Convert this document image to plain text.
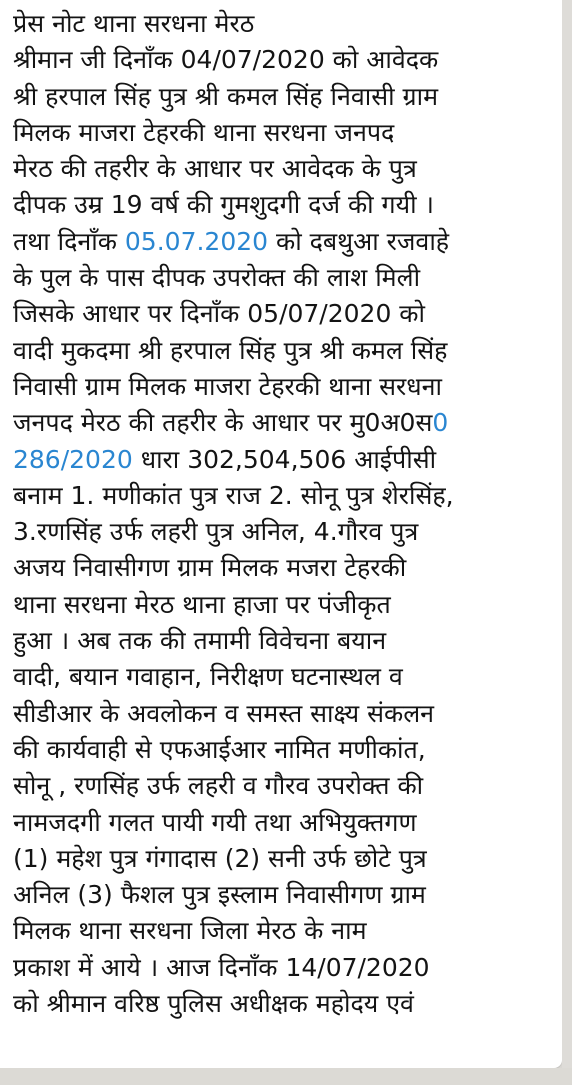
प्रेस नोट थाना सरधना मेरठ
श्रीमान जी दिनाँक 04/07/2020 को आवेदक
श्री हरपाल सिंह पुत्र श्री कमल सिंह निवासी ग्राम
मिलक माजरा टेहरकी थाना सरधना जनपद
मेरठ की तहरीर के आधार पर आवेदक के पुत्र
दीपक उम्र 19 वर्ष की गुमशुदगी दर्ज की गयी ।
तथा दिनाँक 05.07.2020 को दबथुआ रजवाहे
के पुल के पास दीपक उपरोक्त की लाश मिली
जिसके आधार पर दिनाँक 05/07/2020 को
वादी मुकदमा श्री हरपाल सिंह पुत्र श्री कमल सिंह
निवासी ग्राम मिलक माजरा टेहरकी थाना सरधना
जनपद मेरठ की तहरीर के आधार पर मु0अ0स0
286/2020 धारा 302,504,506 आईपीसी
बनाम 1. मणीकांत पुत्र राज 2. सोनू पुत्र शेरसिंह,
3.रणसिंह उर्फ लहरी पुत्र अनिल, 4.गौरव पुत्र
अजय निवासीगण ग्राम मिलक मजरा टेहरकी
थाना सरधना मेरठ थाना हाजा पर पंजीकृत
हुआ । अब तक की तमामी विवेचना बयान
वादी, बयान गवाहान, निरीक्षण घटनास्थल व
सीडीआर के अवलोकन व समस्त साक्ष्य संकलन
की कार्यवाही से एफआईआर नामित मणीकांत,
सोनू , रणसिंह उर्फ लहरी व गौरव उपरोक्त की
नामजदगी गलत पायी गयी तथा अभियुक्तगण
(1) महेश पुत्र गंगादास (2) सनी उर्फ छोटे पुत्र
अनिल (3) फैशल पुत्र इस्लाम निवासीगण ग्राम
मिलक थाना सरधना जिला मेरठ के नाम
प्रकाश में आये । आज दिनाँक 14/07/2020
को श्रीमान वरिष्ठ पुलिस अधीक्षक महोदय एवं
